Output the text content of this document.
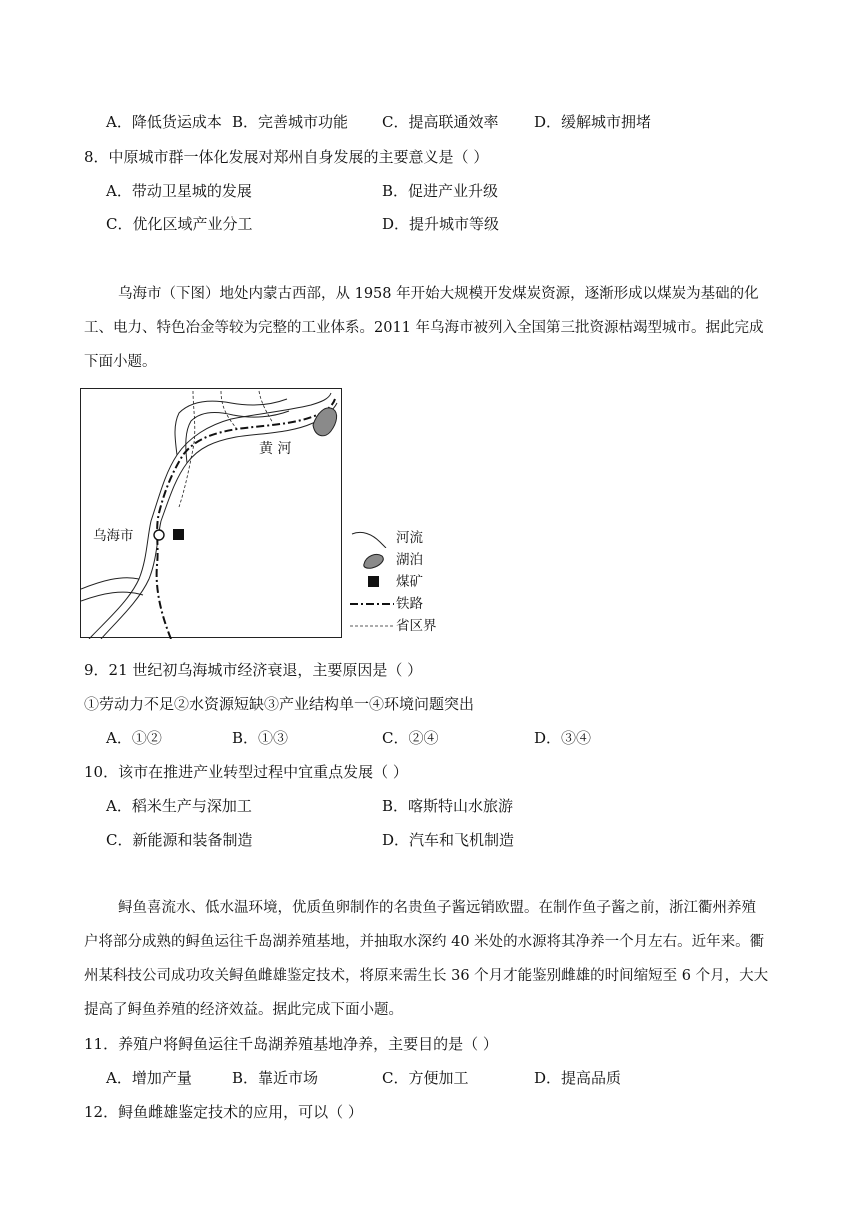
A．降低货运成本 B．完善城市功能 C．提高联通效率 D．缓解城市拥堵
8．中原城市群一体化发展对郑州自身发展的主要意义是（ ）
A．带动卫星城的发展	B．促进产业升级
C．优化区域产业分工	D．提升城市等级
乌海市（下图）地处内蒙古西部，从 1958 年开始大规模开发煤炭资源，逐渐形成以煤炭为基础的化
工、电力、特色冶金等较为完整的工业体系。2011 年乌海市被列入全国第三批资源枯竭型城市。据此完成
下面小题。
黄 河
乌海市	河流
湖泊
煤矿
铁路
省区界
9．21 世纪初乌海城市经济衰退，主要原因是（ ）
①劳动力不足②水资源短缺③产业结构单一④环境问题突出
A．①②	B．①③	C．②④	D．③④
10．该市在推进产业转型过程中宜重点发展（ ）
A．稻米生产与深加工	B．喀斯特山水旅游
C．新能源和装备制造	D．汽车和飞机制造
鲟鱼喜流水、低水温环境，优质鱼卵制作的名贵鱼子酱远销欧盟。在制作鱼子酱之前，浙江衢州养殖
户将部分成熟的鲟鱼运往千岛湖养殖基地，并抽取水深约 40 米处的水源将其净养一个月左右。近年来。衢
州某科技公司成功攻关鲟鱼雌雄鉴定技术，将原来需生长 36 个月才能鉴别雌雄的时间缩短至 6 个月，大大
提高了鲟鱼养殖的经济效益。据此完成下面小题。
11．养殖户将鲟鱼运往千岛湖养殖基地净养，主要目的是（ ）
A．增加产量	B．靠近市场	C．方便加工	D．提高品质
12．鲟鱼雌雄鉴定技术的应用，可以（ ）
